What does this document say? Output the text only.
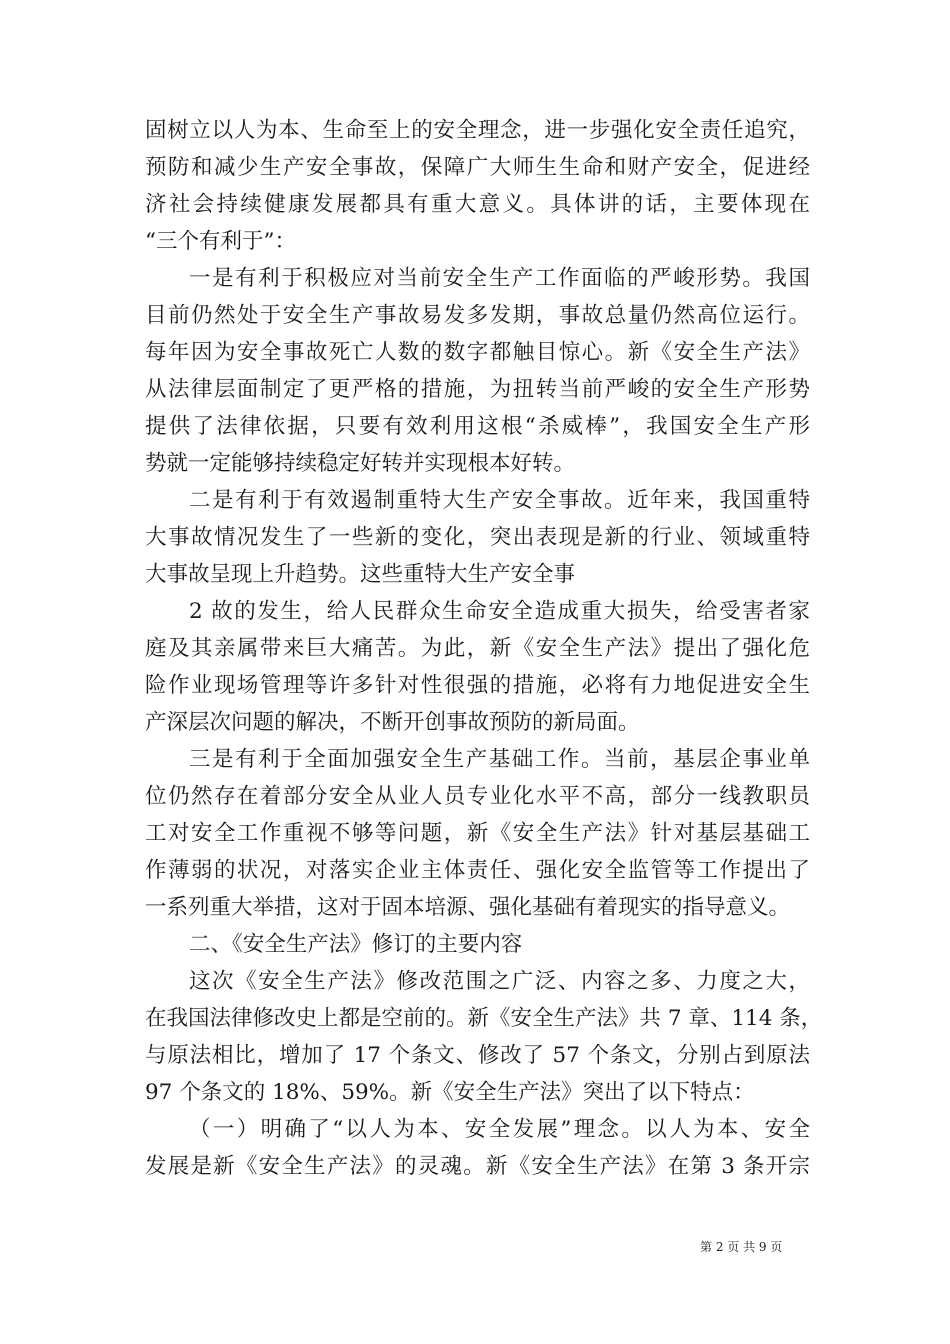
固树立以人为本、生命至上的安全理念，进一步强化安全责任追究，
预防和减少生产安全事故，保障广大师生生命和财产安全，促进经
济社会持续健康发展都具有重大意义。具体讲的话，主要体现在
“三个有利于”：
一是有利于积极应对当前安全生产工作面临的严峻形势。我国
目前仍然处于安全生产事故易发多发期，事故总量仍然高位运行。
每年因为安全事故死亡人数的数字都触目惊心。新《安全生产法》
从法律层面制定了更严格的措施，为扭转当前严峻的安全生产形势
提供了法律依据，只要有效利用这根“杀威棒”，我国安全生产形
势就一定能够持续稳定好转并实现根本好转。
二是有利于有效遏制重特大生产安全事故。近年来，我国重特
大事故情况发生了一些新的变化，突出表现是新的行业、领域重特
大事故呈现上升趋势。这些重特大生产安全事
2 故的发生，给人民群众生命安全造成重大损失，给受害者家
庭及其亲属带来巨大痛苦。为此，新《安全生产法》提出了强化危
险作业现场管理等许多针对性很强的措施，必将有力地促进安全生
产深层次问题的解决，不断开创事故预防的新局面。
三是有利于全面加强安全生产基础工作。当前，基层企事业单
位仍然存在着部分安全从业人员专业化水平不高，部分一线教职员
工对安全工作重视不够等问题，新《安全生产法》针对基层基础工
作薄弱的状况，对落实企业主体责任、强化安全监管等工作提出了
一系列重大举措，这对于固本培源、强化基础有着现实的指导意义。
二、《安全生产法》修订的主要内容
这次《安全生产法》修改范围之广泛、内容之多、力度之大，
在我国法律修改史上都是空前的。新《安全生产法》共 7 章、114 条，
与原法相比，增加了 17 个条文、修改了 57 个条文，分别占到原法
97 个条文的 18%、59%。新《安全生产法》突出了以下特点：
（一）明确了“以人为本、安全发展”理念。以人为本、安全
发展是新《安全生产法》的灵魂。新《安全生产法》在第 3 条开宗
第 2 页 共 9 页
